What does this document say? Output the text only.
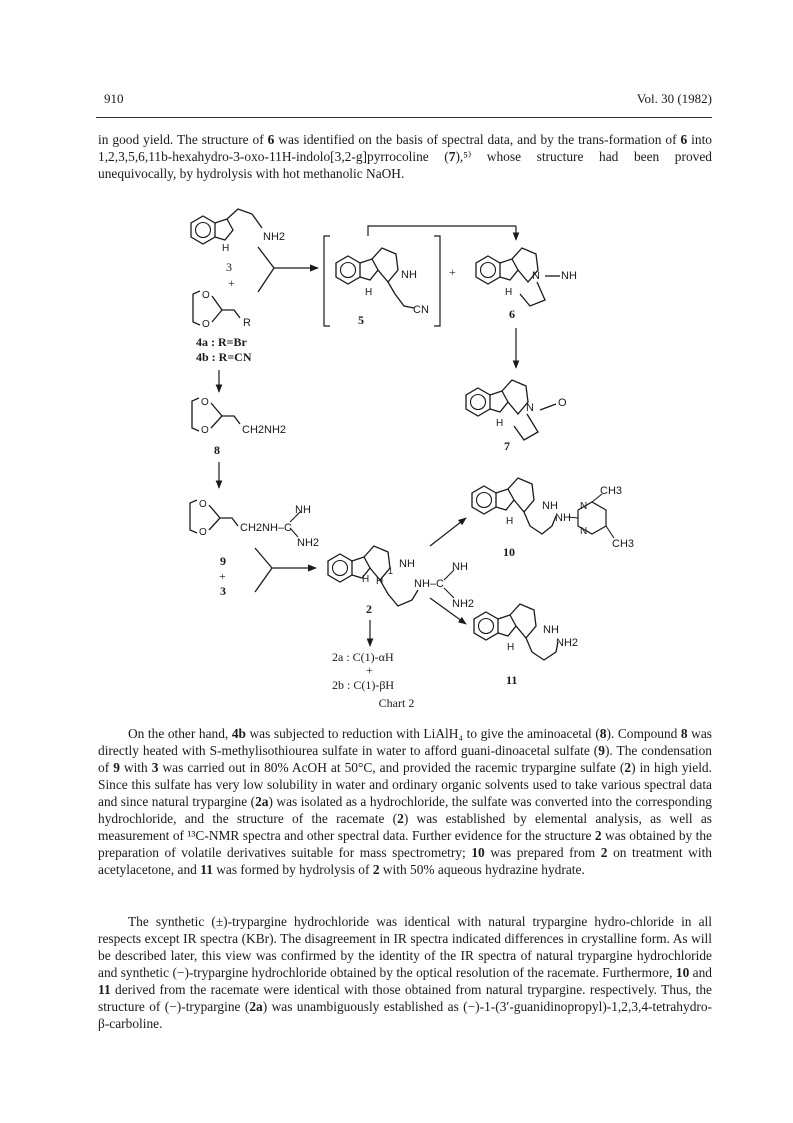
910	Vol. 30 (1982)

in good yield. The structure of 6 was identified on the basis of spectral data, and by the trans-formation of 6 into 1,2,3,5,6,11b-hexahydro-3-oxo-11H-indolo[3,2-g]pyrrocoline (7),⁵⁾ whose structure had been proved unequivocally, by hydrolysis with hot methanolic NaOH.

NH2
H
3
+
O
O	R
4a : R=Br
4b : R=CN
NH
H
CN
5
+	N NH
H
6
N O
H
7
O
O	CH2NH2
8
O
O	CH2NH–C
NH
NH2
9
+
3
NH
H H
1
NH–C
NH
NH2
2
2a : C(1)-αH
+
2b : C(1)-βH
NH
H	NH
N
N
CH3
CH3
10
NH
H	NH2
11
Chart 2

On the other hand, 4b was subjected to reduction with LiAlH₄ to give the aminoacetal (8). Compound 8 was directly heated with S-methylisothiourea sulfate in water to afford guani-dinoacetal sulfate (9). The condensation of 9 with 3 was carried out in 80% AcOH at 50°C, and provided the racemic trypargine sulfate (2) in high yield. Since this sulfate has very low solubility in water and ordinary organic solvents used to take various spectral data and since natural trypargine (2a) was isolated as a hydrochloride, the sulfate was converted into the corresponding hydrochloride, and the structure of the racemate (2) was established by elemental analysis, as well as measurement of ¹³C-NMR spectra and other spectral data. Further evidence for the structure 2 was obtained by the preparation of volatile derivatives suitable for mass spectrometry; 10 was prepared from 2 on treatment with acetylacetone, and 11 was formed by hydrolysis of 2 with 50% aqueous hydrazine hydrate.

The synthetic (±)-trypargine hydrochloride was identical with natural trypargine hydro-chloride in all respects except IR spectra (KBr). The disagreement in IR spectra indicated differences in crystalline form. As will be described later, this view was confirmed by the identity of the IR spectra of natural trypargine hydrochloride and synthetic (−)-trypargine hydrochloride obtained by the optical resolution of the racemate. Furthermore, 10 and 11 derived from the racemate were identical with those obtained from natural trypargine. respectively. Thus, the structure of (−)-trypargine (2a) was unambiguously established as (−)-1-(3′-guanidinopropyl)-1,2,3,4-tetrahydro-β-carboline.
